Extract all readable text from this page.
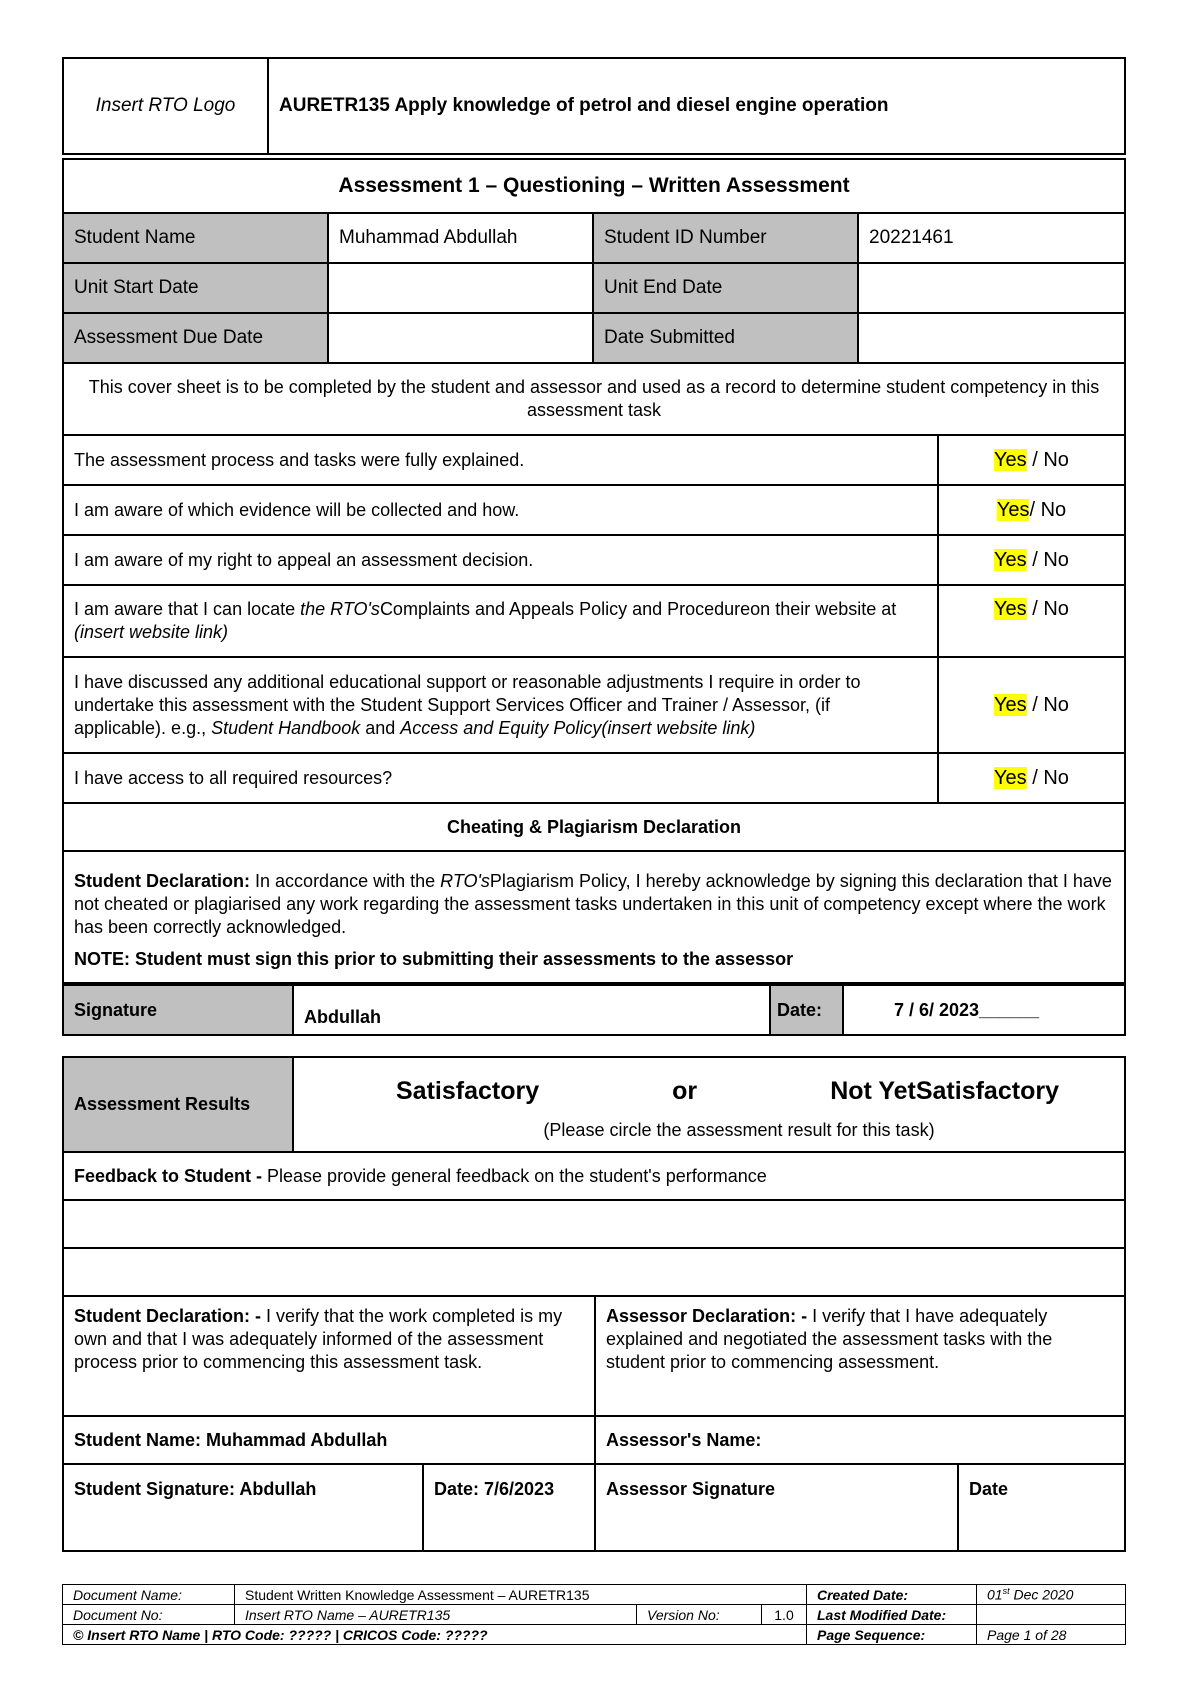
Insert RTO Logo	AURETR135 Apply knowledge of petrol and diesel engine operation
Assessment 1 – Questioning – Written Assessment				
Student Name	Muhammad Abdullah	Student ID Number	20221461	
Unit Start Date		Unit End Date		
Assessment Due Date		Date Submitted		
This cover sheet is to be completed by the student and assessor and used as a record to determine student competency in this assessment task				
The assessment process and tasks were fully explained.				Yes / No
I am aware of which evidence will be collected and how.				Yes/ No
I am aware of my right to appeal an assessment decision.				Yes / No
I am aware that I can locate the RTO'sComplaints and Appeals Policy and Procedureon their website at (insert website link)				Yes / No
I have discussed any additional educational support or reasonable adjustments I require in order to undertake this assessment with the Student Support Services Officer and Trainer / Assessor, (if applicable). e.g., Student Handbook and Access and Equity Policy(insert website link)				Yes / No
I have access to all required resources?				Yes / No
Cheating & Plagiarism Declaration				

Student Declaration: In accordance with the RTO'sPlagiarism Policy, I hereby acknowledge by signing this declaration that I have not cheated or plagiarised any work regarding the assessment tasks undertaken in this unit of competency except where the work has been correctly acknowledged.
NOTE: Student must sign this prior to submitting their assessments to the assessor				
Signature	Abdullah	Date:	7 / 6/ 2023______
Assessment Results	Satisfactory or Not YetSatisfactory
(Please circle the assessment result for this task)			

Feedback to Student - Please provide general feedback on the student's performance				

Student Declaration: - I verify that the work completed is my own and that I was adequately informed of the assessment process prior to commencing this assessment task.			Assessor Declaration: - I verify that I have adequately explained and negotiated the assessment tasks with the student prior to commencing assessment.	
Student Name: Muhammad Abdullah			Assessor's Name:	
Student Signature: Abdullah		Date: 7/6/2023	Assessor Signature	Date
Document Name:	Student Written Knowledge Assessment – AURETR135			Created Date:	01st Dec 2020
Document No:	Insert RTO Name – AURETR135	Version No:	1.0	Last Modified Date:	
© Insert RTO Name | RTO Code: ????? | CRICOS Code: ?????				Page Sequence:	Page 1 of 28
